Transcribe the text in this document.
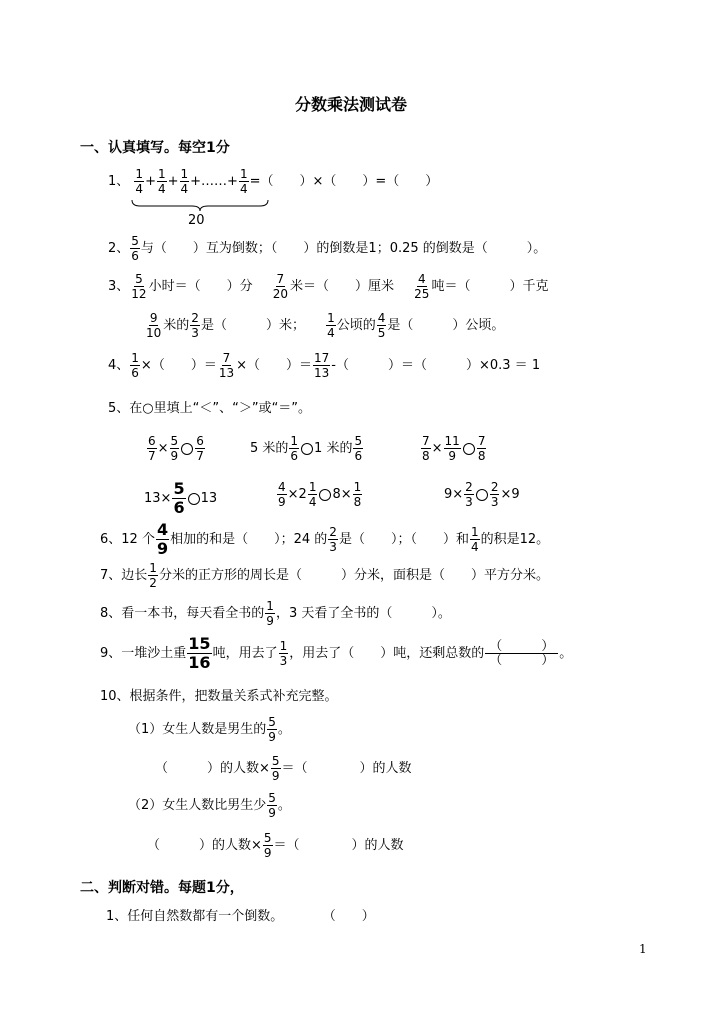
分数乘法测试卷
一、认真填写。每空1分
1、 $\frac{1}{4} + \frac{1}{4} + \frac{1}{4}$ +……+ $\frac{1}{4}$ =（　　）×（　　）=（　　）
20
2、 $\frac{5}{6}$ 与（　　）互为倒数；（　　）的倒数是1；0.25 的倒数是（　　　）。
3、 $\frac{5}{12}$ 小时＝（　　）分 $\frac{7}{20}$ 米＝（　　）厘米 $\frac{4}{25}$ 吨＝（　　　）千克
$\frac{9}{10}$ 米的 $\frac{2}{3}$ 是（　　　）米； $\frac{1}{4}$ 公顷的 $\frac{4}{5}$ 是（　　　）公顷。
4、 $\frac{1}{6}$ ×（　　）＝ $\frac{7}{13}$ ×（　　）＝ $\frac{17}{13}$ -（　　　）＝（　　　）×0.3 ＝ 1
5、在○里填上“＜”、“＞”或“＝”。
$\frac{6}{7} \times \frac{5}{9} \frac{6}{7}$	5 米的 $\frac{1}{6} 1$ 米的 $\frac{5}{6}$	$\frac{7}{8} \times \frac{11}{9} \frac{7}{8}$
$13\times \frac{5}{6} 13$	$\frac{4}{9} \times 2 \frac{1}{4} 8\times \frac{1}{8}$	$9\times \frac{2}{3} \frac{2}{3} \times 9$
6、12 个 $\frac{4}{9}$ 相加的和是（　　）；24 的 $\frac{2}{3}$ 是（　　）；（　　）和 $\frac{1}{4}$ 的积是12。
7、边长 $\frac{1}{2}$ 分米的正方形的周长是（　　　）分米，面积是（　　）平方分米。
8、看一本书，每天看全书的 $\frac{1}{9}$ ，3 天看了全书的（　　　）。
9、一堆沙土重 $\frac{15}{16}$ 吨，用去了 $\frac{1}{3}$ ，用去了（　　）吨，还剩总数的 $\frac{( )}{( )}$ 。
10、根据条件，把数量关系式补充完整。
（1）女生人数是男生的 $\frac{5}{9}$ 。
（　　　）的人数× $\frac{5}{9}$ ＝（　　　　）的人数
（2）女生人数比男生少 $\frac{5}{9}$ 。
（　　　）的人数× $\frac{5}{9}$ ＝（　　　　）的人数
二、判断对错。每题1分，
1、任何自然数都有一个倒数。	（　　）
1
